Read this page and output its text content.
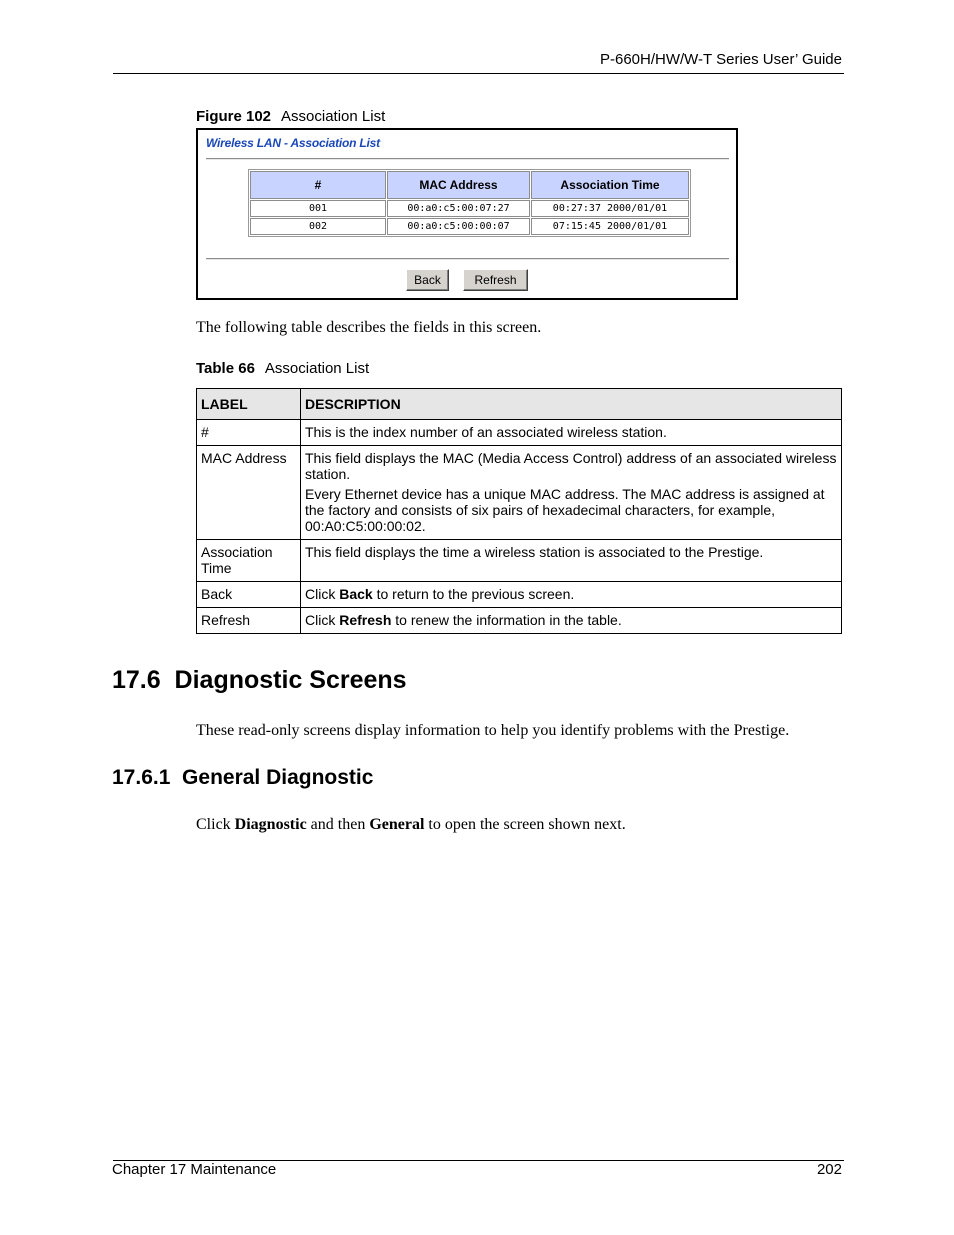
P-660H/HW/W-T Series User’ Guide
Figure 102 Association List
Wireless LAN - Association List
#	MAC Address	Association Time
001	00:a0:c5:00:07:27	00:27:37 2000/01/01
002	00:a0:c5:00:00:07	07:15:45 2000/01/01
Back	Refresh
The following table describes the fields in this screen.
Table 66 Association List
LABEL	DESCRIPTION
#	This is the index number of an associated wireless station.

MAC Address	This field displays the MAC (Media Access Control) address of an associated wireless station.

Every Ethernet device has a unique MAC address. The MAC address is assigned at the factory and consists of six pairs of hexadecimal characters, for example, 00:A0:C5:00:00:02.

Association Time	This field displays the time a wireless station is associated to the Prestige.

Back	Click Back to return to the previous screen.
Refresh	Click Refresh to renew the information in the table.
17.6  Diagnostic Screens
These read-only screens display information to help you identify problems with the Prestige.
17.6.1  General Diagnostic
Click Diagnostic and then General to open the screen shown next.
Chapter 17 Maintenance	202
